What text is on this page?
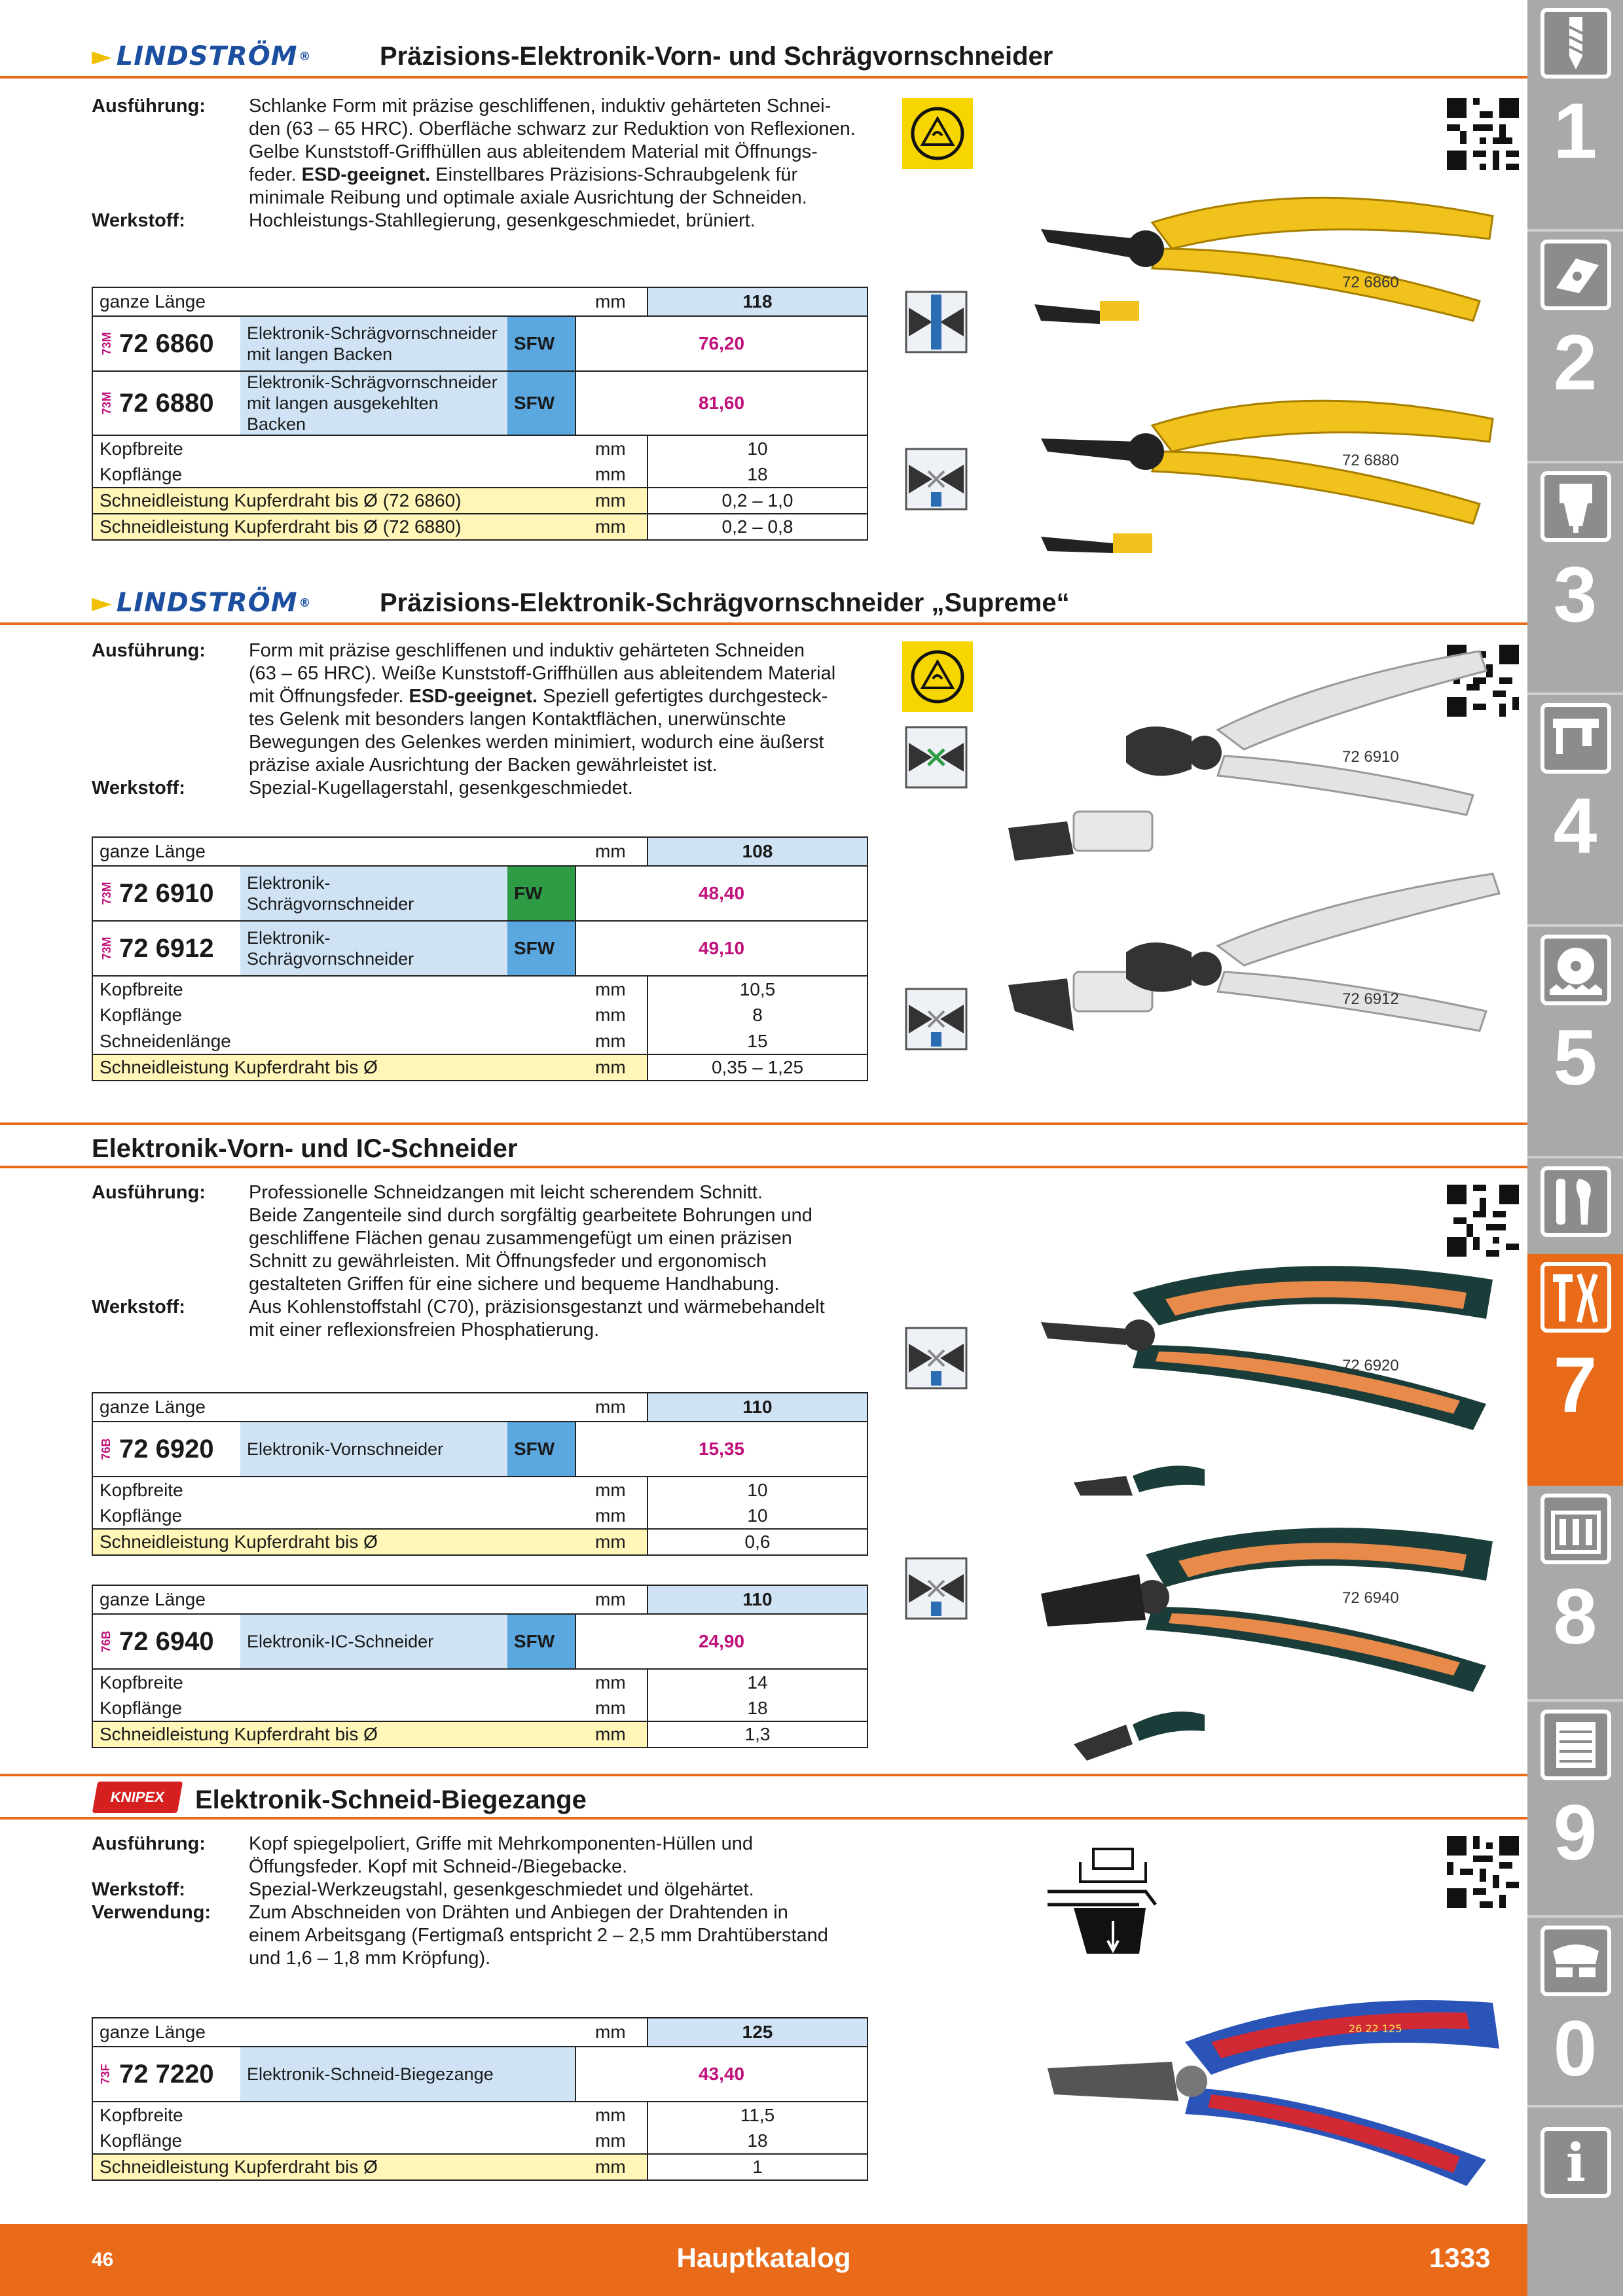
► LINDSTRÖM ®	Präzisions-Elektronik-Vorn- und Schrägvornschneider
Ausführung:	Schlanke Form mit präzise geschliffenen, induktiv gehärteten Schnei-
den (63 – 65 HRC). Oberfläche schwarz zur Reduktion von Reflexionen.
Gelbe Kunststoff-Griffhüllen aus ableitendem Material mit Öffnungs-
feder. ESD-geeignet. Einstellbares Präzisions-Schraubgelenk für
minimale Reibung und optimale axiale Ausrichtung der Schneiden.
Werkstoff:	Hochleistungs-Stahllegierung, gesenkgeschmiedet, brüniert.
ganze Länge			mm	118

73M 72 6860	Elektronik-Schrägvornschneider
mit langen Backen	SFW	76,20	

73M 72 6880	Elektronik-Schrägvornschneider
mit langen ausgekehlten Backen	SFW	81,60	
Kopfbreite			mm	10
Kopflänge			mm	18
Schneidleistung Kupferdraht bis Ø (72 6860)			mm	0,2 – 1,0
Schneidleistung Kupferdraht bis Ø (72 6880)			mm	0,2 – 0,8
72 6860
72 6880
► LINDSTRÖM ®	Präzisions-Elektronik-Schrägvornschneider „Supreme“
Ausführung:	Form mit präzise geschliffenen und induktiv gehärteten Schneiden
(63 – 65 HRC). Weiße Kunststoff-Griffhüllen aus ableitendem Material
mit Öffnungsfeder. ESD-geeignet. Speziell gefertigtes durchgesteck-
tes Gelenk mit besonders langen Kontaktflächen, unerwünschte
Bewegungen des Gelenkes werden minimiert, wodurch eine äußerst
präzise axiale Ausrichtung der Backen gewährleistet ist.
Werkstoff:	Spezial-Kugellagerstahl, gesenkgeschmiedet.
ganze Länge			mm	108

73M 72 6910	Elektronik-
Schrägvornschneider	FW	48,40	

73M 72 6912	Elektronik-
Schrägvornschneider	SFW	49,10	
Kopfbreite			mm	10,5
Kopflänge			mm	8
Schneidenlänge			mm	15
Schneidleistung Kupferdraht bis Ø			mm	0,35 – 1,25
72 6910
72 6912
Elektronik-Vorn- und IC-Schneider
Ausführung:	Professionelle Schneidzangen mit leicht scherendem Schnitt.
Beide Zangenteile sind durch sorgfältig gearbeitete Bohrungen und
geschliffene Flächen genau zusammengefügt um einen präzisen
Schnitt zu gewährleisten. Mit Öffnungsfeder und ergonomisch
gestalteten Griffen für eine sichere und bequeme Handhabung.
Werkstoff:	Aus Kohlenstoffstahl (C70), präzisionsgestanzt und wärmebehandelt
mit einer reflexionsfreien Phosphatierung.
ganze Länge			mm	110

76B 72 6920	Elektronik-Vornschneider	SFW	15,35	
Kopfbreite			mm	10
Kopflänge			mm	10
Schneidleistung Kupferdraht bis Ø			mm	0,6
ganze Länge			mm	110

76B 72 6940	Elektronik-IC-Schneider	SFW	24,90	
Kopfbreite			mm	14
Kopflänge			mm	18
Schneidleistung Kupferdraht bis Ø			mm	1,3
72 6920
72 6940
KNIPEX	Elektronik-Schneid-Biegezange
Ausführung:	Kopf spiegelpoliert, Griffe mit Mehrkomponenten-Hüllen und
Öffungsfeder. Kopf mit Schneid-/Biegebacke.
Werkstoff:	Spezial-Werkzeugstahl, gesenkgeschmiedet und ölgehärtet.
Verwendung:	Zum Abschneiden von Drähten und Anbiegen der Drahtenden in
einem Arbeitsgang (Fertigmaß entspricht 2 – 2,5 mm Drahtüberstand
und 1,6 – 1,8 mm Kröpfung).
ganze Länge		mm	125

73F 72 7220	Elektronik-Schneid-Biegezange	43,40	
Kopfbreite		mm	11,5
Kopflänge		mm	18
Schneidleistung Kupferdraht bis Ø		mm	1
26 22 125
1
2
3
4
5
7
8
9
0
i
46	Hauptkatalog	1333
